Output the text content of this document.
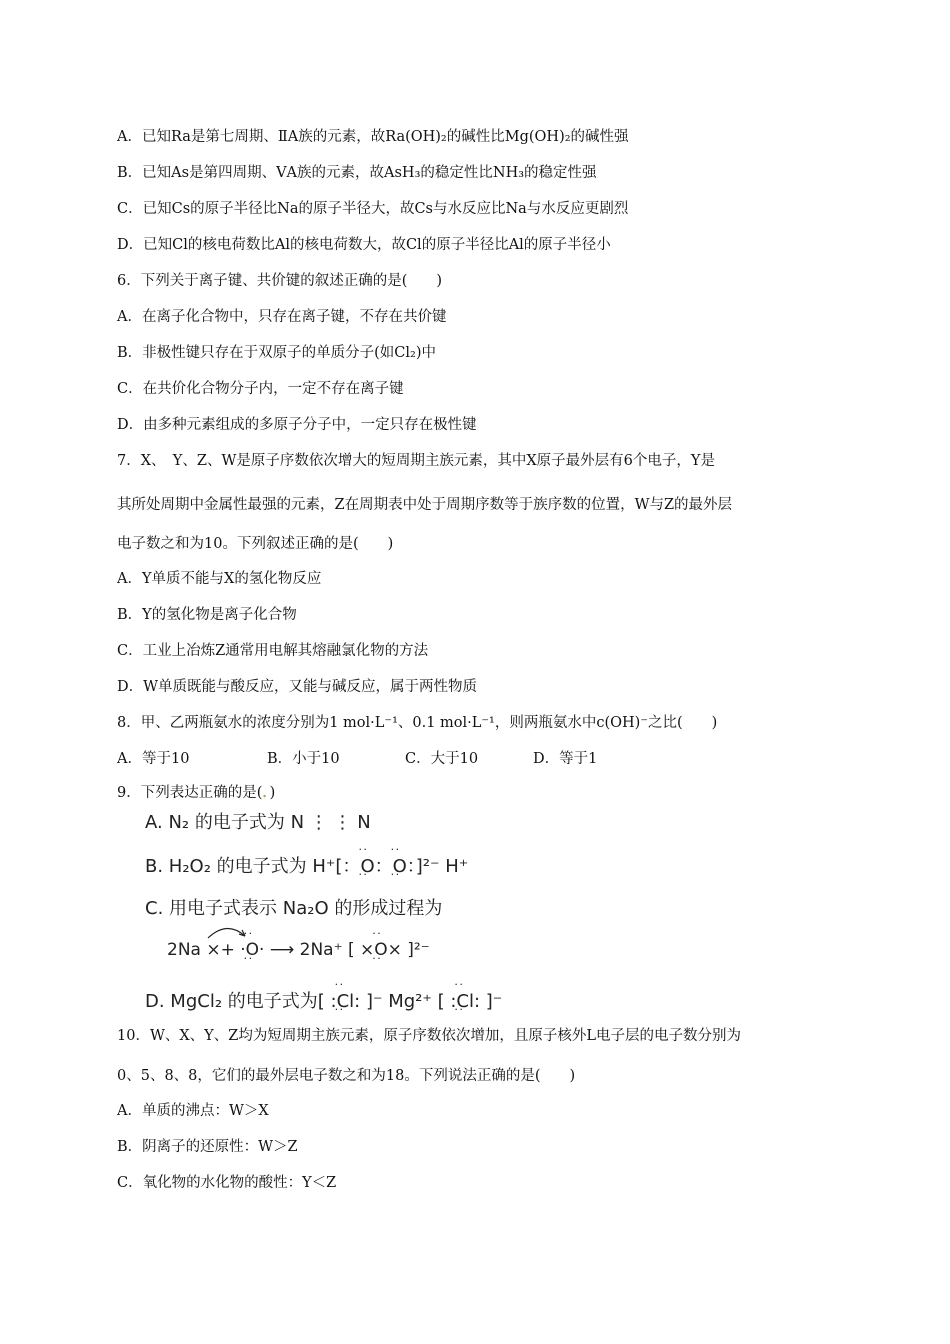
A．已知Ra是第七周期、ⅡA族的元素，故Ra(OH)₂的碱性比Mg(OH)₂的碱性强
B．已知As是第四周期、ⅤA族的元素，故AsH₃的稳定性比NH₃的稳定性强
C．已知Cs的原子半径比Na的原子半径大，故Cs与水反应比Na与水反应更剧烈
D．已知Cl的核电荷数比Al的核电荷数大，故Cl的原子半径比Al的原子半径小
6．下列关于离子键、共价键的叙述正确的是(　　)
A．在离子化合物中，只存在离子键，不存在共价键
B．非极性键只存在于双原子的单质分子(如Cl₂)中
C．在共价化合物分子内，一定不存在离子键
D．由多种元素组成的多原子分子中，一定只存在极性键
7．X、　Y、Z、W是原子序数依次增大的短周期主族元素，其中X原子最外层有6个电子，Y是
其所处周期中金属性最强的元素，Z在周期表中处于周期序数等于族序数的位置，W与Z的最外层
电子数之和为10。下列叙述正确的是(　　)
A．Y单质不能与X的氢化物反应
B．Y的氢化物是离子化合物
C．工业上冶炼Z通常用电解其熔融氯化物的方法
D．W单质既能与酸反应，又能与碱反应，属于两性物质
8．甲、乙两瓶氨水的浓度分别为1 mol·L⁻¹、0.1 mol·L⁻¹，则两瓶氨水中c(OH)⁻之比(　　)
A．等于10	B．小于10	C．大于10	D．等于1
9．下列表达正确的是(．)
A. N₂ 的电子式为 N ⋮ ⋮ N
B. H₂O₂ 的电子式为 H⁺[：· · O · ·：· · O · ·：]²⁻ H⁺
C. 用电子式表示 Na₂O 的形成过程为
2Na ×+ ·· · O · ·· ⟶ 2Na⁺ [ ×· · O · ·× ]²⁻
D. MgCl₂ 的电子式为[ :· · Cl · ·: ]⁻ Mg²⁺ [ :· · Cl · ·: ]⁻
10．W、X、Y、Z均为短周期主族元素，原子序数依次增加，且原子核外L电子层的电子数分别为
0、5、8、8，它们的最外层电子数之和为18。下列说法正确的是(　　)
A．单质的沸点：W＞X
B．阴离子的还原性：W＞Z
C．氧化物的水化物的酸性：Y＜Z
